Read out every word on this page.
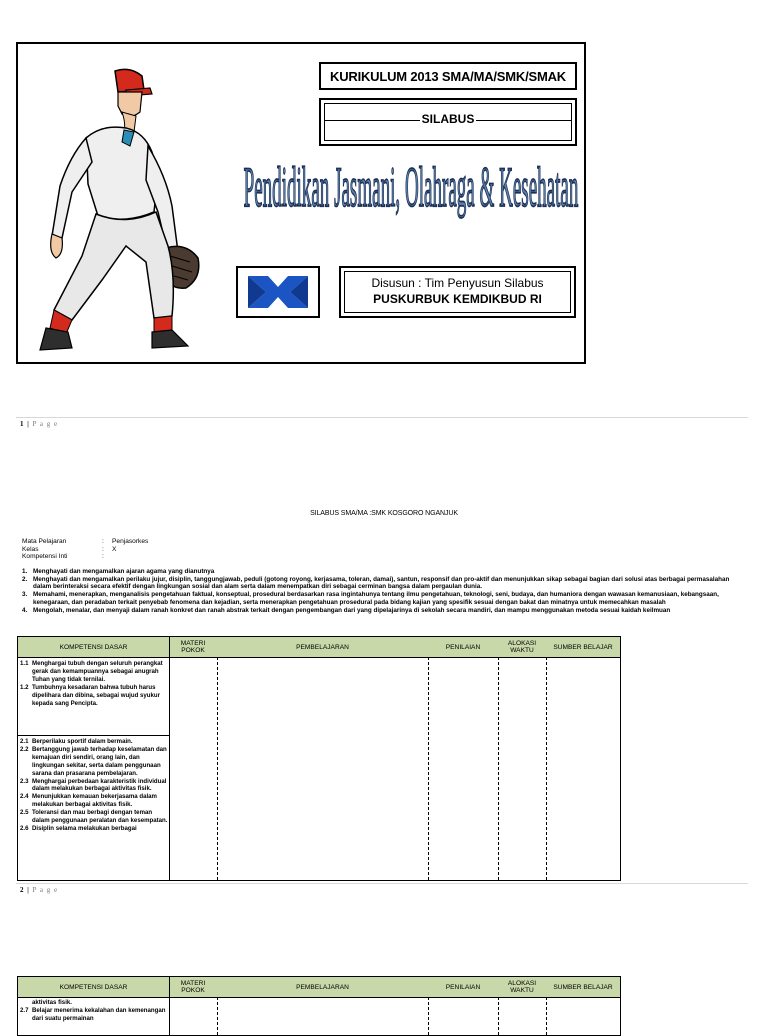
KURIKULUM 2013 SMA/MA/SMK/SMAK
SILABUS
Pendidikan Jasmani, Olahraga & Kesehatan
Disusun : Tim Penyusun Silabus
PUSKURBUK KEMDIKBUD RI
1 | P a g e
SILABUS SMA/MA :SMK KOSGORO NGANJUK
Mata Pelajaran	:	Penjasorkes
Kelas	:	X
Kompetensi Inti	:
1. Menghayati dan mengamalkan ajaran agama yang dianutnya
2. Menghayati dan mengamalkan perilaku jujur, disiplin, tanggungjawab, peduli (gotong royong, kerjasama, toleran, damai), santun, responsif dan pro-aktif dan menunjukkan sikap sebagai bagian dari solusi atas berbagai permasalahan
dalam berinteraksi secara efektif dengan lingkungan sosial dan alam serta dalam menempatkan diri sebagai cerminan bangsa dalam pergaulan dunia.
3. Memahami, menerapkan, menganalisis pengetahuan faktual, konseptual, prosedural berdasarkan rasa ingintahunya tentang ilmu pengetahuan, teknologi, seni, budaya, dan humaniora dengan wawasan kemanusiaan, kebangsaan,
kenegaraan, dan peradaban terkait penyebab fenomena dan kejadian, serta menerapkan pengetahuan prosedural pada bidang kajian yang spesifik sesuai dengan bakat dan minatnya untuk memecahkan masalah
4. Mengolah, menalar, dan menyaji dalam ranah konkret dan ranah abstrak terkait dengan pengembangan dari yang dipelajarinya di sekolah secara mandiri, dan mampu menggunakan metoda sesuai kaidah keilmuan
KOMPETENSI DASAR	MATERI POKOK	PEMBELAJARAN	PENILAIAN	ALOKASI WAKTU	SUMBER BELAJAR
1.1 Menghargai tubuh dengan seluruh perangkat gerak dan kemampuannya sebagai anugrah Tuhan yang tidak ternilai.
1.2 Tumbuhnya kesadaran bahwa tubuh harus dipelihara dan dibina, sebagai wujud syukur kepada sang Pencipta.
2.1 Berperilaku sportif dalam bermain.
2.2 Bertanggung jawab terhadap keselamatan dan kemajuan diri sendiri, orang lain, dan lingkungan sekitar, serta dalam penggunaan sarana dan prasarana pembelajaran.
2.3 Menghargai perbedaan karakteristik individual dalam melakukan berbagai aktivitas fisik.
2.4 Menunjukkan kemauan bekerjasama dalam melakukan berbagai aktivitas fisik.
2.5 Toleransi dan mau berbagi dengan teman dalam penggunaan peralatan dan kesempatan.
2.6 Disiplin selama melakukan berbagai
2 | P a g e
KOMPETENSI DASAR	MATERI POKOK	PEMBELAJARAN	PENILAIAN	ALOKASI WAKTU	SUMBER BELAJAR
aktivitas fisik.
2.7 Belajar menerima kekalahan dan kemenangan dari suatu permainan
